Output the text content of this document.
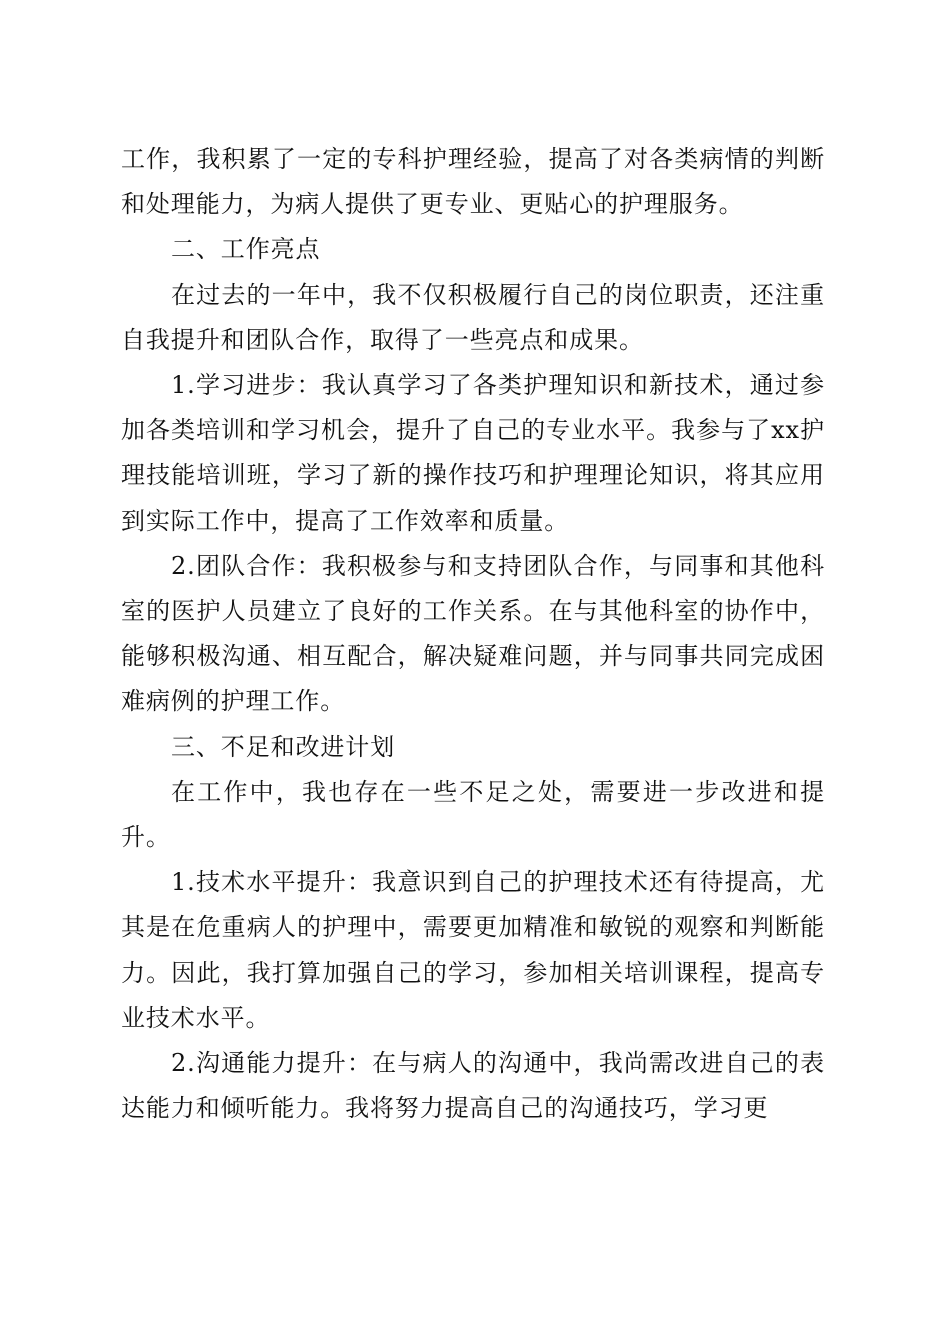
工作，我积累了一定的专科护理经验，提高了对各类病情的判断和处理能力，为病人提供了更专业、更贴心的护理服务。

二、工作亮点

在过去的一年中，我不仅积极履行自己的岗位职责，还注重自我提升和团队合作，取得了一些亮点和成果。

1.学习进步：我认真学习了各类护理知识和新技术，通过参加各类培训和学习机会，提升了自己的专业水平。我参与了xx护理技能培训班，学习了新的操作技巧和护理理论知识，将其应用到实际工作中，提高了工作效率和质量。

2.团队合作：我积极参与和支持团队合作，与同事和其他科室的医护人员建立了良好的工作关系。在与其他科室的协作中，能够积极沟通、相互配合，解决疑难问题，并与同事共同完成困难病例的护理工作。

三、不足和改进计划

在工作中，我也存在一些不足之处，需要进一步改进和提升。

1.技术水平提升：我意识到自己的护理技术还有待提高，尤其是在危重病人的护理中，需要更加精准和敏锐的观察和判断能力。因此，我打算加强自己的学习，参加相关培训课程，提高专业技术水平。

2.沟通能力提升：在与病人的沟通中，我尚需改进自己的表达能力和倾听能力。我将努力提高自己的沟通技巧，学习更
